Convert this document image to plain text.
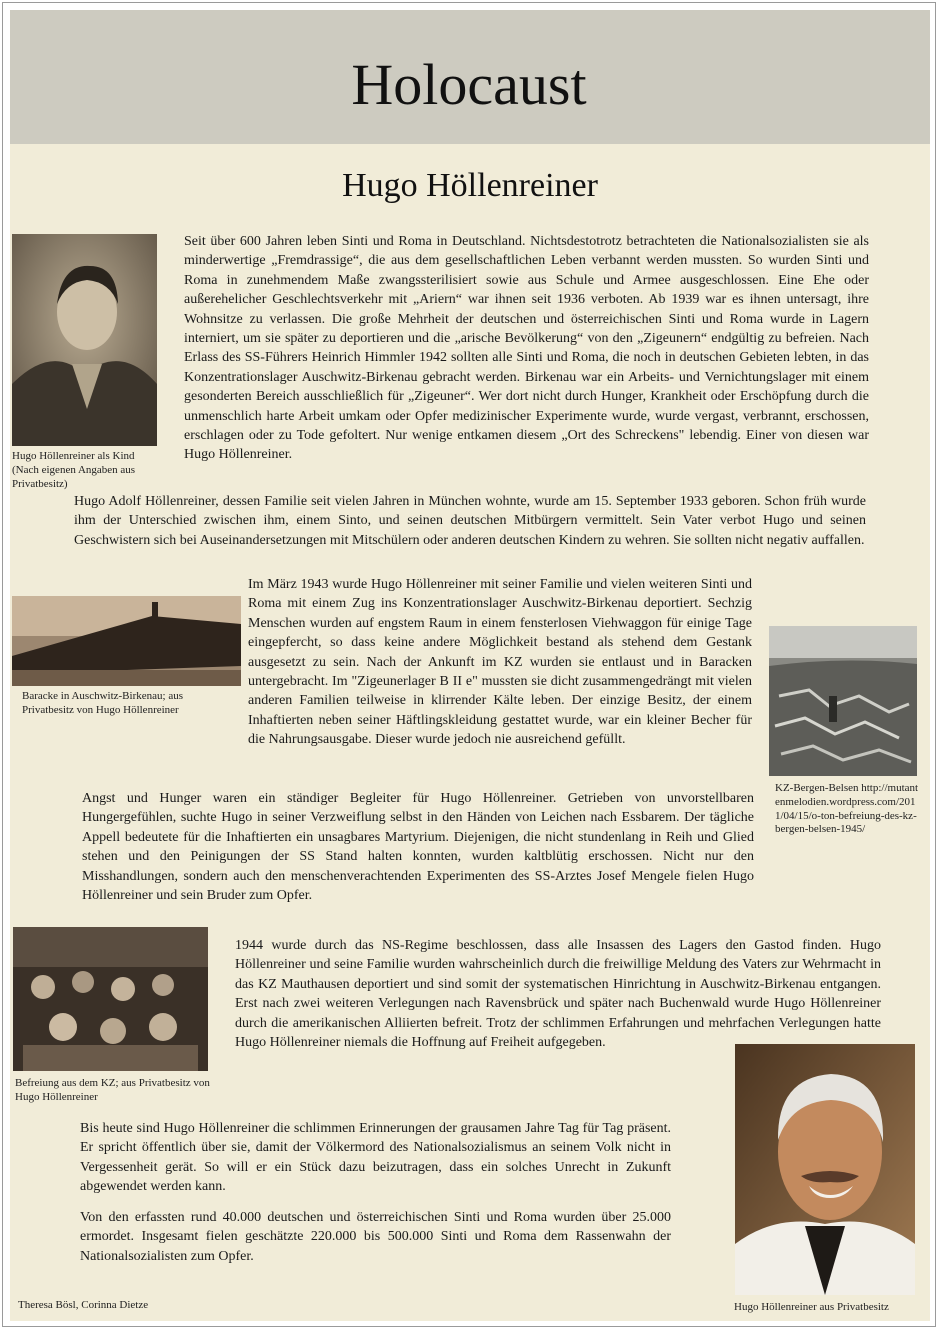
Holocaust
Hugo Höllenreiner
Hugo Höllenreiner als Kind (Nach eigenen Angaben aus Privatbesitz)
Seit über 600 Jahren leben Sinti und Roma in Deutschland. Nichtsdestotrotz betrachteten die Nationalsozialisten sie als minderwertige „Fremdrassige“, die aus dem gesellschaftlichen Leben verbannt werden mussten. So wurden Sinti und Roma in zunehmendem Maße zwangssterilisiert sowie aus Schule und Armee ausgeschlossen. Eine Ehe oder außerehelicher Geschlechtsverkehr mit „Ariern“ war ihnen seit 1936 verboten. Ab 1939 war es ihnen untersagt, ihre Wohnsitze zu verlassen. Die große Mehrheit der deutschen und österreichischen Sinti und Roma wurde in Lagern interniert, um sie später zu deportieren und die „arische Bevölkerung“ von den „Zigeunern“ endgültig zu befreien. Nach Erlass des SS-Führers Heinrich Himmler 1942 sollten alle Sinti und Roma, die noch in deutschen Gebieten lebten, in das Konzentrationslager Auschwitz-Birkenau gebracht werden. Birkenau war ein Arbeits- und Vernichtungslager mit einem gesonderten Bereich ausschließlich für „Zigeuner“. Wer dort nicht durch Hunger, Krankheit oder Erschöpfung durch die unmenschlich harte Arbeit umkam oder Opfer medizinischer Experimente wurde, wurde vergast, verbrannt, erschossen, erschlagen oder zu Tode gefoltert. Nur wenige entkamen diesem „Ort des Schreckens" lebendig. Einer von diesen war Hugo Höllenreiner.
Hugo Adolf Höllenreiner, dessen Familie seit vielen Jahren in München wohnte, wurde am 15. September 1933 geboren. Schon früh wurde ihm der Unterschied zwischen ihm, einem Sinto, und seinen deutschen Mitbürgern vermittelt. Sein Vater verbot Hugo und seinen Geschwistern sich bei Auseinandersetzungen mit Mitschülern oder anderen deutschen Kindern zu wehren. Sie sollten nicht negativ auffallen.
Baracke in Auschwitz-Birkenau; aus Privatbesitz von Hugo Höllenreiner
Im März 1943 wurde Hugo Höllenreiner mit seiner Familie und vielen weiteren Sinti und Roma mit einem Zug ins Konzentrationslager Auschwitz-Birkenau deportiert. Sechzig Menschen wurden auf engstem Raum in einem fensterlosen Viehwaggon für einige Tage eingepfercht, so dass keine andere Möglichkeit bestand als stehend dem Gestank ausgesetzt zu sein. Nach der Ankunft im KZ wurden sie entlaust und in Baracken untergebracht. Im "Zigeunerlager B II e" mussten sie dicht zusammengedrängt mit vielen anderen Familien teilweise in klirrender Kälte leben. Der einzige Besitz, der einem Inhaftierten neben seiner Häftlingskleidung gestattet wurde, war ein kleiner Becher für die Nahrungsausgabe. Dieser wurde jedoch nie ausreichend gefüllt.
KZ-Bergen-Belsen http://mutantenmelodien.wordpress.com/2011/04/15/o-ton-befreiung-des-kz-bergen-belsen-1945/
Angst und Hunger waren ein ständiger Begleiter für Hugo Höllenreiner. Getrieben von unvorstellbaren Hungergefühlen, suchte Hugo in seiner Verzweiflung selbst in den Händen von Leichen nach Essbarem. Der tägliche Appell bedeutete für die Inhaftierten ein unsagbares Martyrium. Diejenigen, die nicht stundenlang in Reih und Glied stehen und den Peinigungen der SS Stand halten konnten, wurden kaltblütig erschossen. Nicht nur den Misshandlungen, sondern auch den menschenverachtenden Experimenten des SS-Arztes Josef Mengele fielen Hugo Höllenreiner und sein Bruder zum Opfer.
Befreiung aus dem KZ; aus Privatbesitz von Hugo Höllenreiner
1944 wurde durch das NS-Regime beschlossen, dass alle Insassen des Lagers den Gastod finden. Hugo Höllenreiner und seine Familie wurden wahrscheinlich durch die freiwillige Meldung des Vaters zur Wehrmacht in das KZ Mauthausen deportiert und sind somit der systematischen Hinrichtung in Auschwitz-Birkenau entgangen. Erst nach zwei weiteren Verlegungen nach Ravensbrück und später nach Buchenwald wurde Hugo Höllenreiner durch die amerikanischen Alliierten befreit. Trotz der schlimmen Erfahrungen und mehrfachen Verlegungen hatte Hugo Höllenreiner niemals die Hoffnung auf Freiheit aufgegeben.
Bis heute sind Hugo Höllenreiner die schlimmen Erinnerungen der grausamen Jahre Tag für Tag präsent. Er spricht öffentlich über sie, damit der Völkermord des Nationalsozialismus an seinem Volk nicht in Vergessenheit gerät. So will er ein Stück dazu beizutragen, dass ein solches Unrecht in Zukunft abgewendet werden kann.
Von den erfassten rund 40.000 deutschen und österreichischen Sinti und Roma wurden über 25.000 ermordet. Insgesamt fielen geschätzte 220.000 bis 500.000 Sinti und Roma dem Rassenwahn der Nationalsozialisten zum Opfer.
Hugo Höllenreiner aus Privatbesitz
Theresa Bösl, Corinna Dietze
